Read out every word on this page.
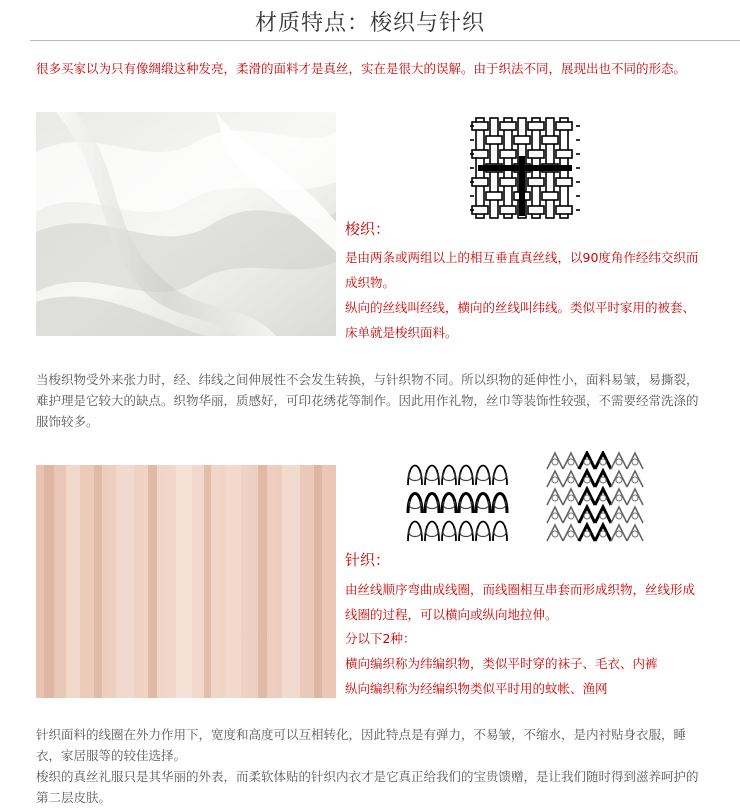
材质特点：梭织与针织
很多买家以为只有像绸缎这种发亮，柔滑的面料才是真丝，实在是很大的误解。由于织法不同，展现出也不同的形态。
梭织：
是由两条或两组以上的相互垂直真丝线，以90度角作经纬交织而成织物。
纵向的丝线叫经线，横向的丝线叫纬线。类似平时家用的被套、床单就是梭织面料。
当梭织物受外来张力时，经、纬线之间伸展性不会发生转换，与针织物不同。所以织物的延伸性小，面料易皱，易撕裂，难护理是它较大的缺点。织物华丽，质感好，可印花绣花等制作。因此用作礼物，丝巾等装饰性较强，不需要经常洗涤的服饰较多。
针织：
由丝线顺序弯曲成线圈，而线圈相互串套而形成织物，丝线形成线圈的过程，可以横向或纵向地拉伸。
分以下2种：
横向编织称为纬编织物，类似平时穿的袜子、毛衣、内裤
纵向编织称为经编织物类似平时用的蚊帐、渔网
针织面料的线圈在外力作用下，宽度和高度可以互相转化，因此特点是有弹力，不易皱，不缩水，是内衬贴身衣服，睡衣，家居服等的较佳选择。
梭织的真丝礼服只是其华丽的外表，而柔软体贴的针织内衣才是它真正给我们的宝贵馈赠，是让我们随时得到滋养呵护的第二层皮肤。
